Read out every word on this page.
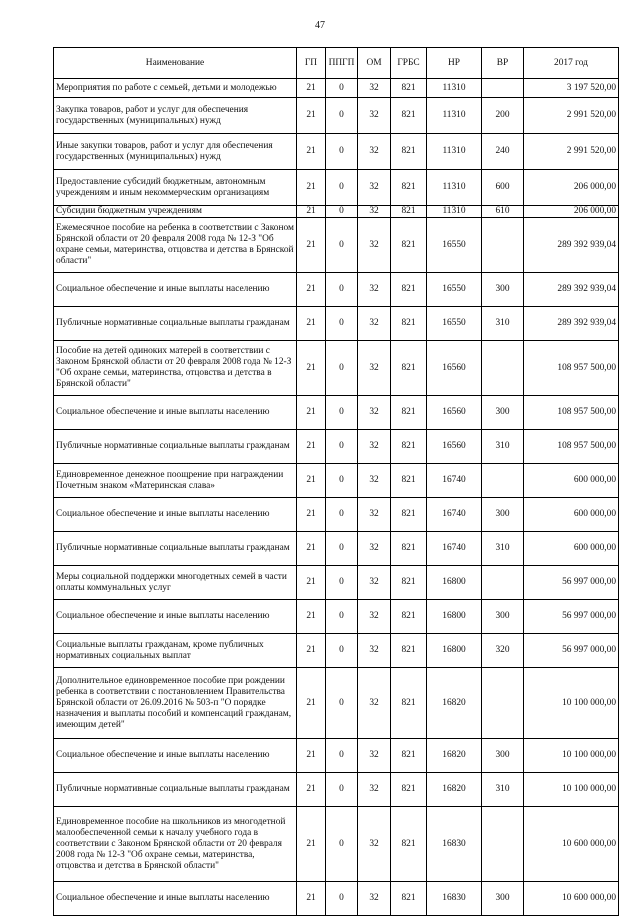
47
Наименование	ГП	ППГП	ОМ	ГРБС	НР	ВР	2017 год
Мероприятия по работе с семьей, детьми и молодежью	21	0	32	821	11310		3 197 520,00
Закупка товаров, работ и услуг для обеспечения государственных (муниципальных) нужд	21	0	32	821	11310	200	2 991 520,00
Иные закупки товаров, работ и услуг для обеспечения государственных (муниципальных) нужд	21	0	32	821	11310	240	2 991 520,00
Предоставление субсидий бюджетным, автономным учреждениям и иным некоммерческим организациям	21	0	32	821	11310	600	206 000,00
Субсидии бюджетным учреждениям	21	0	32	821	11310	610	206 000,00
Ежемесячное пособие на ребенка в соответствии с Законом Брянской области от 20 февраля 2008 года № 12-З "Об охране семьи, материнства, отцовства и детства в Брянской области"	21	0	32	821	16550		289 392 939,04
Социальное обеспечение и иные выплаты населению	21	0	32	821	16550	300	289 392 939,04
Публичные нормативные социальные выплаты гражданам	21	0	32	821	16550	310	289 392 939,04
Пособие на детей одиноких матерей в соответствии с Законом Брянской области от 20 февраля 2008 года № 12-З "Об охране семьи, материнства, отцовства и детства в Брянской области"	21	0	32	821	16560		108 957 500,00
Социальное обеспечение и иные выплаты населению	21	0	32	821	16560	300	108 957 500,00
Публичные нормативные социальные выплаты гражданам	21	0	32	821	16560	310	108 957 500,00
Единовременное денежное поощрение при награждении Почетным знаком «Материнская слава»	21	0	32	821	16740		600 000,00
Социальное обеспечение и иные выплаты населению	21	0	32	821	16740	300	600 000,00
Публичные нормативные социальные выплаты гражданам	21	0	32	821	16740	310	600 000,00
Меры социальной поддержки многодетных семей в части оплаты коммунальных услуг	21	0	32	821	16800		56 997 000,00
Социальное обеспечение и иные выплаты населению	21	0	32	821	16800	300	56 997 000,00
Социальные выплаты гражданам, кроме публичных нормативных социальных выплат	21	0	32	821	16800	320	56 997 000,00
Дополнительное единовременное пособие при рождении ребенка в соответствии с постановлением Правительства Брянской области от 26.09.2016 № 503-п "О порядке назначения и выплаты пособий и компенсаций гражданам, имеющим детей"	21	0	32	821	16820		10 100 000,00
Социальное обеспечение и иные выплаты населению	21	0	32	821	16820	300	10 100 000,00
Публичные нормативные социальные выплаты гражданам	21	0	32	821	16820	310	10 100 000,00
Единовременное пособие на школьников из многодетной малообеспеченной семьи к началу учебного года в соответствии с Законом Брянской области от 20 февраля 2008 года № 12-З "Об охране семьи, материнства, отцовства и детства в Брянской области"	21	0	32	821	16830		10 600 000,00
Социальное обеспечение и иные выплаты населению	21	0	32	821	16830	300	10 600 000,00
